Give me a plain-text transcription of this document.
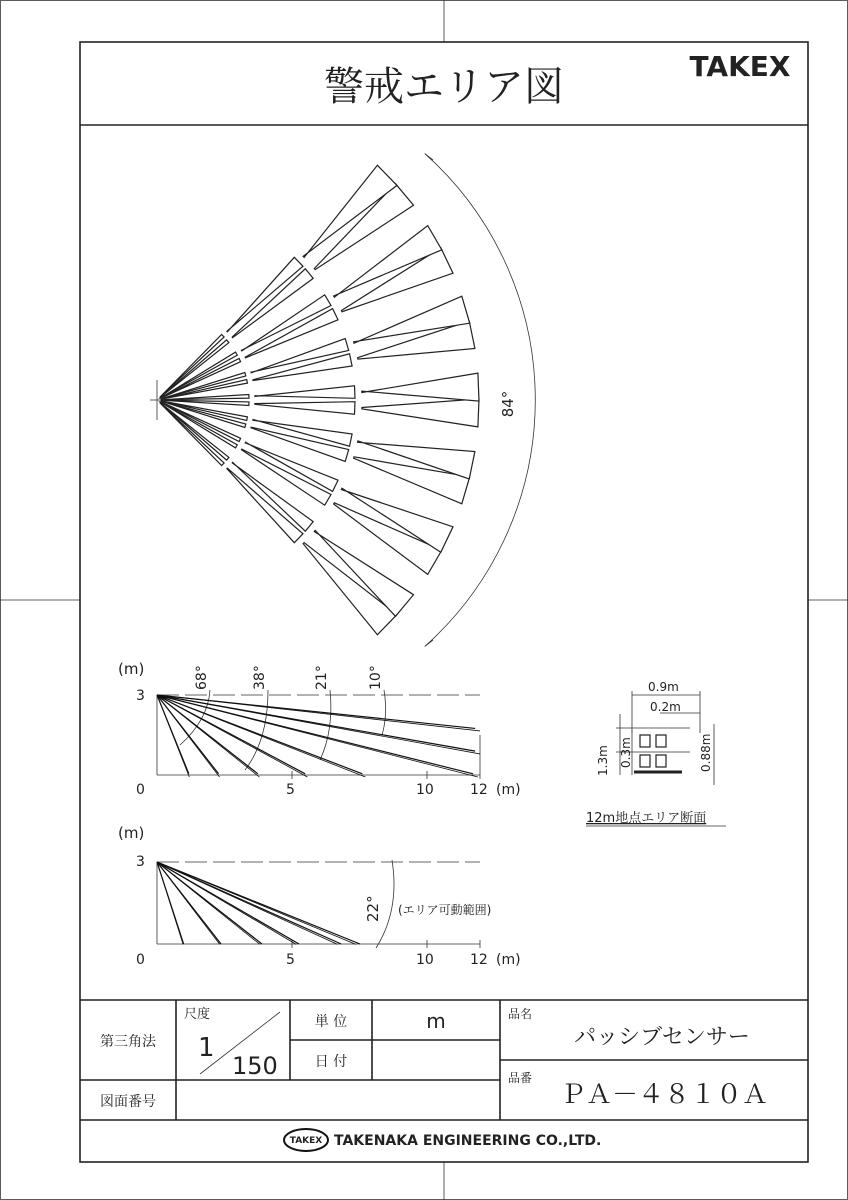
警戒エリア図	TAKEX
84°
(m)
3
0	5	10	12 (m)
68°	38°	21°	10°
(m)
3
0	5	10	12 (m)
22° (エリア可動範囲)
0.9m
0.2m
1.3m 0.3m	0.88m
12m地点エリア断面
第三角法
尺度
1
150
単 位	m
日 付
図面番号
品名
パッシブセンサー
品番
ＰＡ－４８１０Ａ
TAKEX TAKENAKA ENGINEERING CO.,LTD.
